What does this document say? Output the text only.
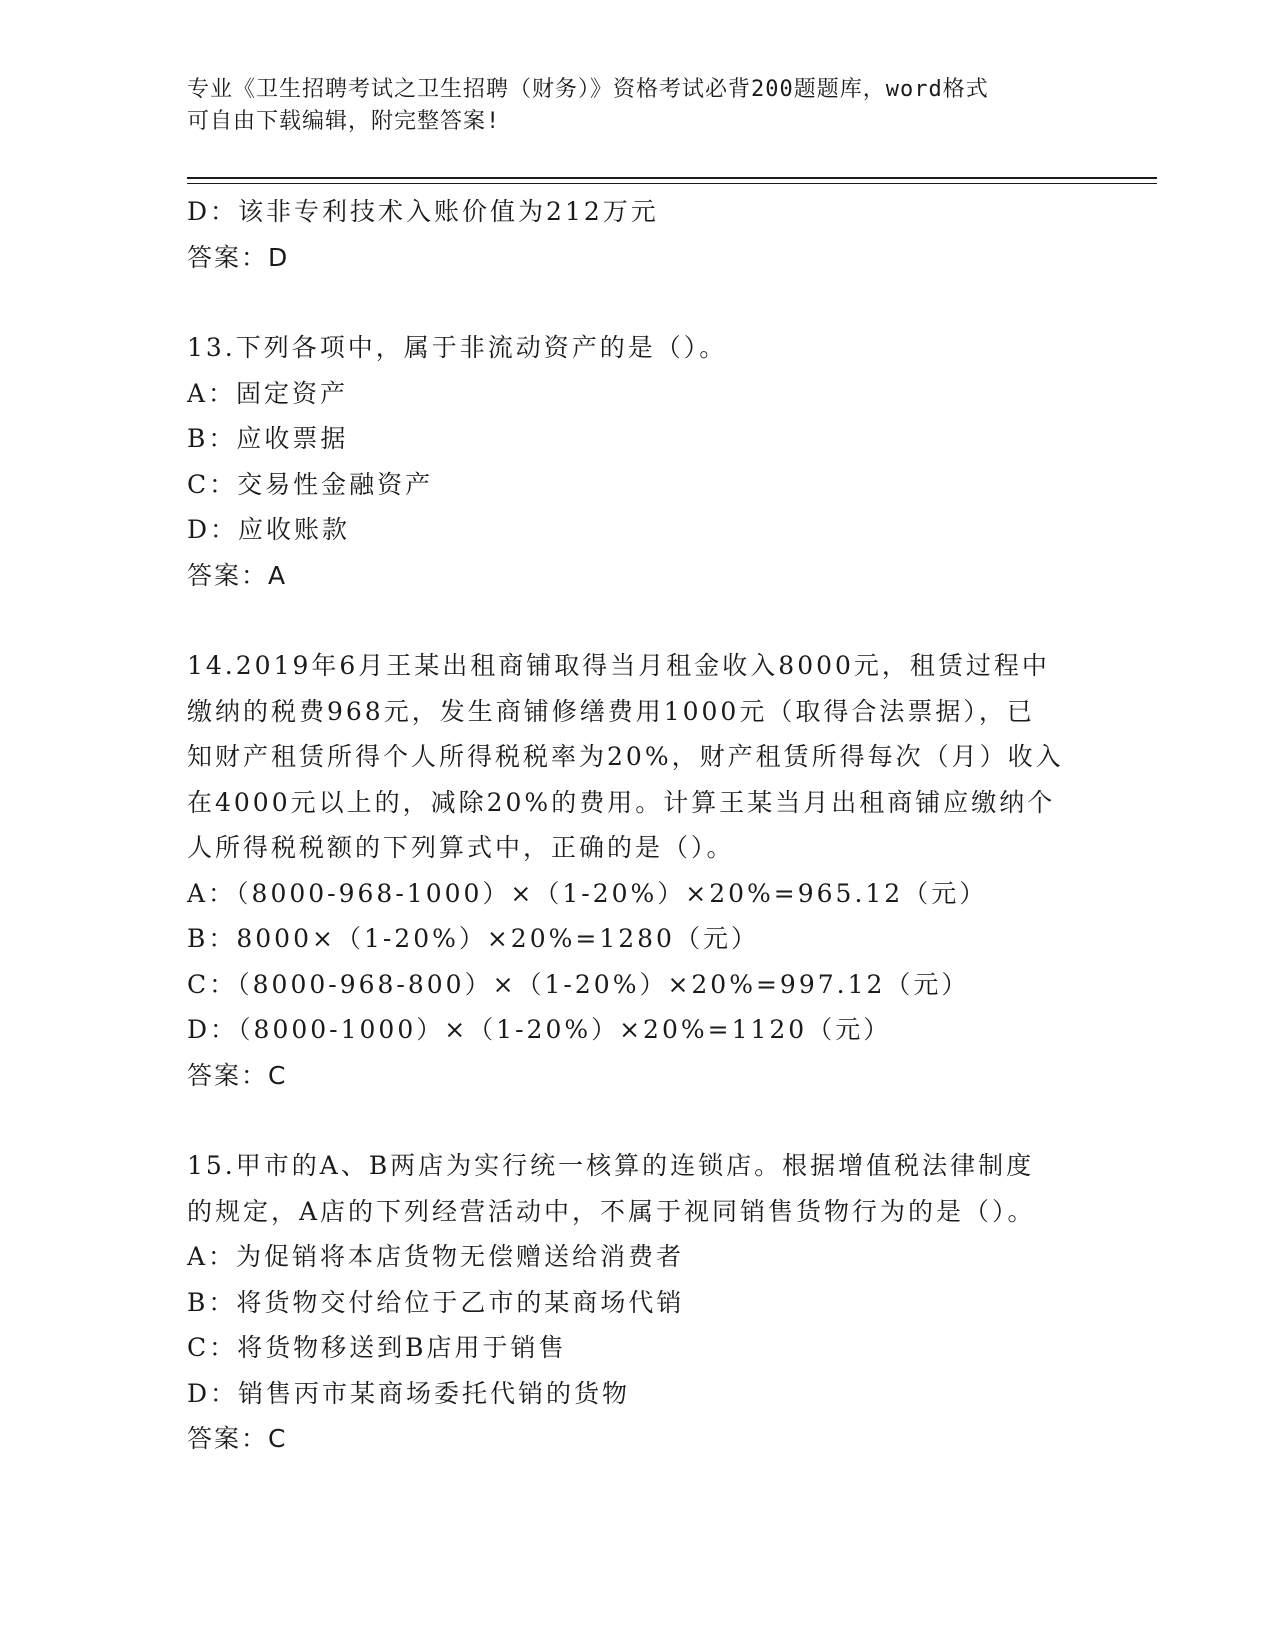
专业《卫生招聘考试之卫生招聘（财务）》资格考试必背200题题库，word格式
可自由下载编辑，附完整答案!
D：该非专利技术入账价值为212万元
答案：D
13.下列各项中，属于非流动资产的是（）。
A：固定资产
B：应收票据
C：交易性金融资产
D：应收账款
答案：A
14.2019年6月王某出租商铺取得当月租金收入8000元，租赁过程中
缴纳的税费968元，发生商铺修缮费用1000元（取得合法票据），已
知财产租赁所得个人所得税税率为20%，财产租赁所得每次（月）收入
在4000元以上的，减除20%的费用。计算王某当月出租商铺应缴纳个
人所得税税额的下列算式中，正确的是（）。
A：（8000-968-1000）×（1-20%）×20%=965.12（元）
B：8000×（1-20%）×20%=1280（元）
C：（8000-968-800）×（1-20%）×20%=997.12（元）
D：（8000-1000）×（1-20%）×20%=1120（元）
答案：C
15.甲市的A、B两店为实行统一核算的连锁店。根据增值税法律制度
的规定，A店的下列经营活动中，不属于视同销售货物行为的是（）。
A：为促销将本店货物无偿赠送给消费者
B：将货物交付给位于乙市的某商场代销
C：将货物移送到B店用于销售
D：销售丙市某商场委托代销的货物
答案：C
